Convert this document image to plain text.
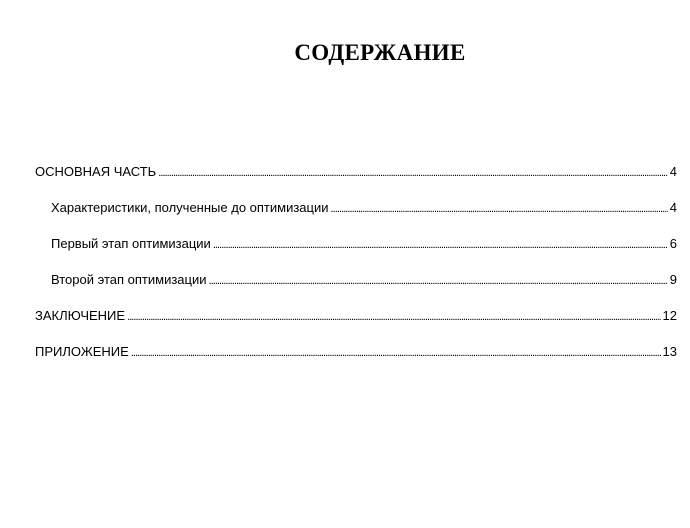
СОДЕРЖАНИЕ
ОСНОВНАЯ ЧАСТЬ . . .	4
Характеристики, полученные до оптимизации . . .	4
Первый этап оптимизации . . .	6
Второй этап оптимизации . . .	9
ЗАКЛЮЧЕНИЕ . . .	12
ПРИЛОЖЕНИЕ . . .	13
